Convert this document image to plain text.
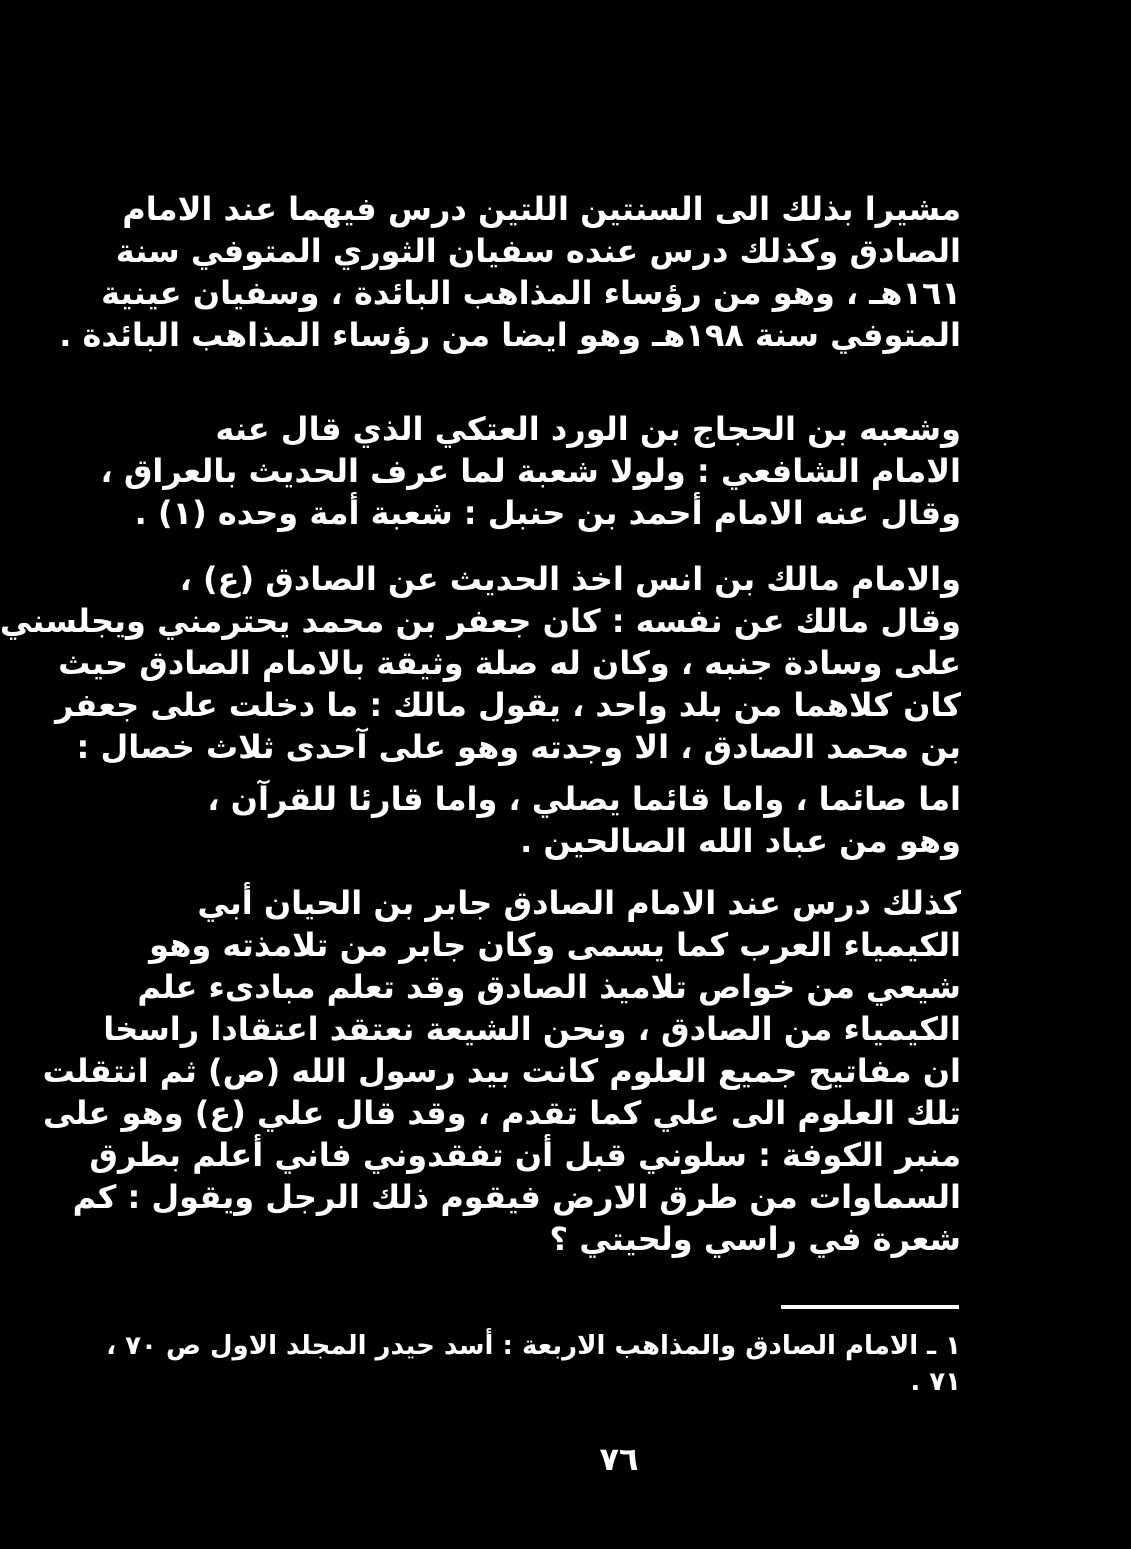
مشيرا بذلك الى السنتين اللتين درس فيهما عند الامام
الصادق وكذلك درس عنده سفيان الثوري المتوفي سنة
١٦١هـ ، وهو من رؤساء المذاهب البائدة ، وسفيان عينية
المتوفي سنة ١٩٨هـ وهو ايضا من رؤساء المذاهب البائدة .
وشعبه بن الحجاج بن الورد العتكي الذي قال عنه
الامام الشافعي : ولولا شعبة لما عرف الحديث بالعراق ،
وقال عنه الامام أحمد بن حنبل : شعبة أمة وحده (١) .
والامام مالك بن انس اخذ الحديث عن الصادق (ع) ،
وقال مالك عن نفسه : كان جعفر بن محمد يحترمني ويجلسني
على وسادة جنبه ، وكان له صلة وثيقة بالامام الصادق حيث
كان كلاهما من بلد واحد ، يقول مالك : ما دخلت على جعفر
بن محمد الصادق ، الا وجدته وهو على آحدى ثلاث خصال :
اما صائما ، واما قائما يصلي ، واما قارئا للقرآن ،
وهو من عباد الله الصالحين .
كذلك درس عند الامام الصادق جابر بن الحيان أبي
الكيمياء العرب كما يسمى وكان جابر من تلامذته وهو
شيعي من خواص تلاميذ الصادق وقد تعلم مبادىء علم
الكيمياء من الصادق ، ونحن الشيعة نعتقد اعتقادا راسخا
ان مفاتيح جميع العلوم كانت بيد رسول الله (ص) ثم انتقلت
تلك العلوم الى علي كما تقدم ، وقد قال علي (ع) وهو على
منبر الكوفة : سلوني قبل أن تفقدوني فاني أعلم بطرق
السماوات من طرق الارض فيقوم ذلك الرجل ويقول : كم
شعرة في راسي ولحيتي ؟
١ ـ الامام الصادق والمذاهب الاربعة : أسد حيدر المجلد الاول ص ٧٠ ،
٧١ .
٧٦
